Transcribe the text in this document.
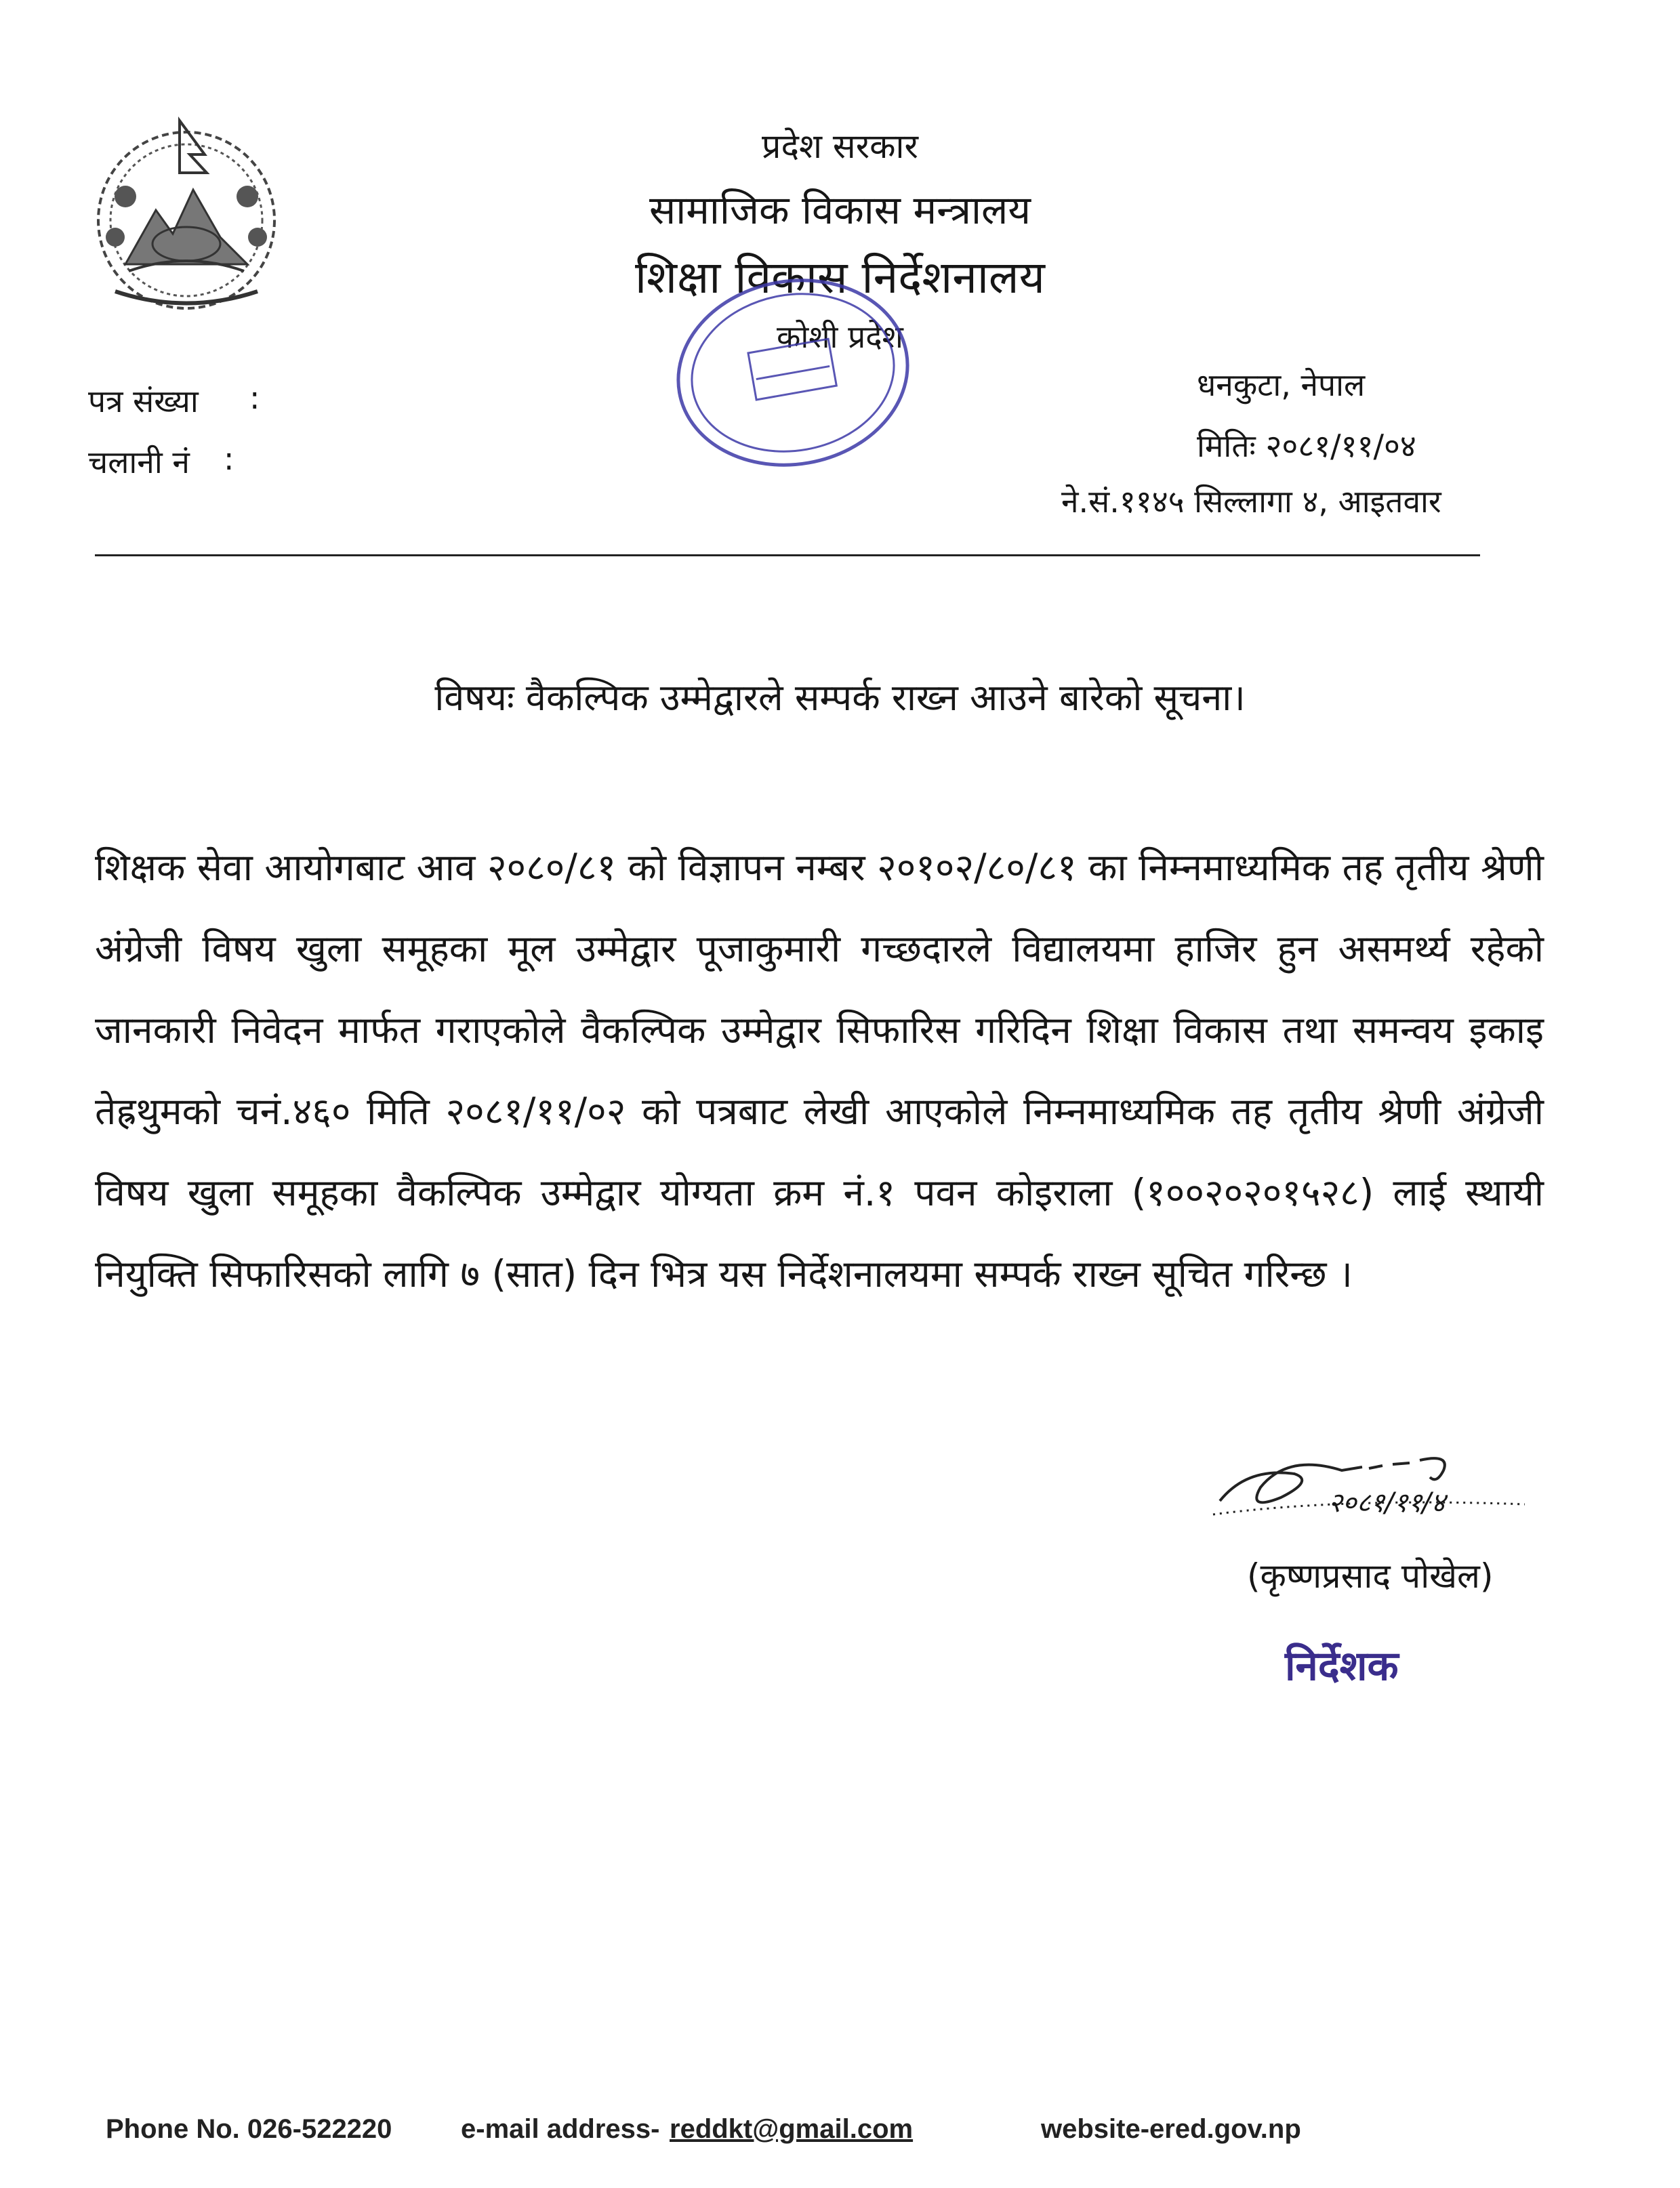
प्रदेश सरकार
सामाजिक विकास मन्त्रालय
शिक्षा विकास निर्देशनालय
कोशी प्रदेश
पत्र संख्या :
चलानी नं :
धनकुटा, नेपाल
मितिः २०८१/११/०४
ने.सं.११४५ सिल्लागा ४, आइतवार
विषयः वैकल्पिक उम्मेद्वारले सम्पर्क राख्न आउने बारेको सूचना।
शिक्षक सेवा आयोगबाट आव २०८०/८१ को विज्ञापन नम्बर २०१०२/८०/८१ का निम्नमाध्यमिक तह तृतीय श्रेणी अंग्रेजी विषय खुला समूहका मूल उम्मेद्वार पूजाकुमारी गच्छदारले विद्यालयमा हाजिर हुन असमर्थ्य रहेको जानकारी निवेदन मार्फत गराएकोले वैकल्पिक उम्मेद्वार सिफारिस गरिदिन शिक्षा विकास तथा समन्वय इकाइ तेह्रथुमको चनं.४६० मिति २०८१/११/०२ को पत्रबाट लेखी आएकोले निम्नमाध्यमिक तह तृतीय श्रेणी अंग्रेजी विषय खुला समूहका वैकल्पिक उम्मेद्वार योग्यता क्रम नं.१ पवन कोइराला (१००२०२०१५२८) लाई स्थायी नियुक्ति सिफारिसको लागि ७ (सात) दिन भित्र यस निर्देशनालयमा सम्पर्क राख्न सूचित गरिन्छ ।
२०८१/११/४
(कृष्णप्रसाद पोखेल)
निर्देशक
Phone No. 026-522220	e-mail address- reddkt@gmail.com	website-ered.gov.np
